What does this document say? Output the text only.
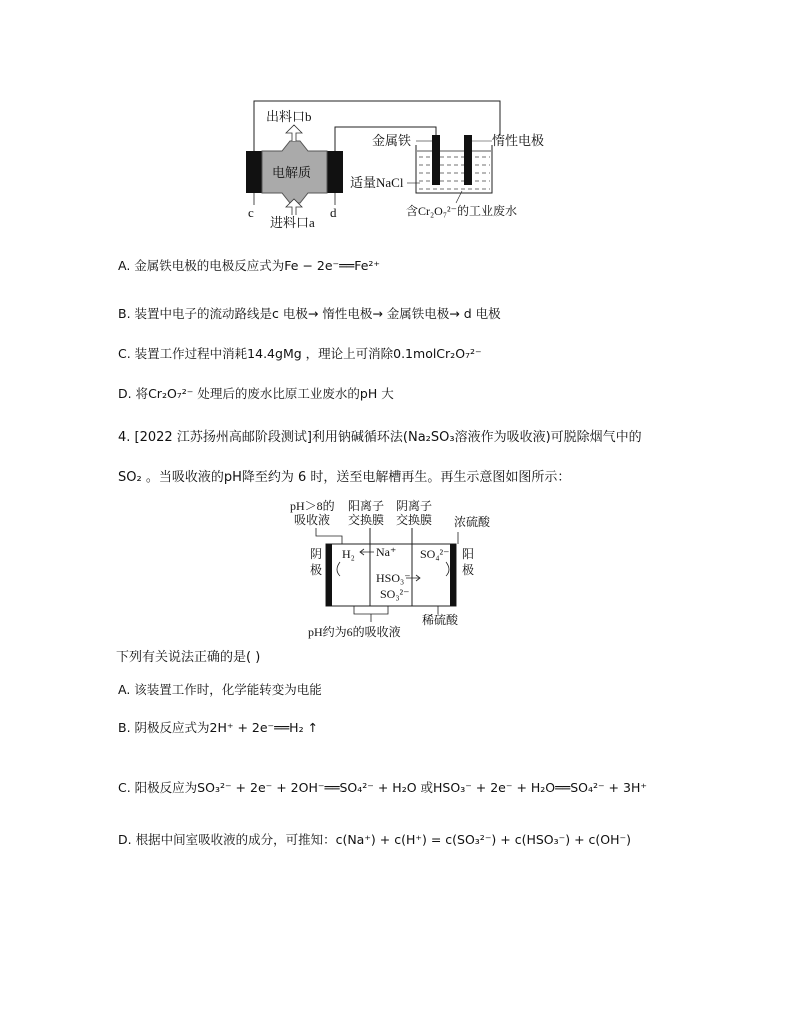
电解质
出料口b
进料口a
c	d
金属铁	惰性电极
适量NaCl
含Cr₂O₇²⁻的工业废水
A. 金属铁电极的电极反应式为Fe − 2e⁻══Fe²⁺
B. 装置中电子的流动路线是c 电极→ 惰性电极→ 金属铁电极→ d 电极
C. 装置工作过程中消耗14.4gMg ，理论上可消除0.1molCr₂O₇²⁻
D. 将Cr₂O₇²⁻ 处理后的废水比原工业废水的pH 大
4. [2022 江苏扬州高邮阶段测试]利用钠碱循环法(Na₂SO₃溶液作为吸收液)可脱除烟气中的
SO₂ 。当吸收液的pH降至约为 6 时，送至电解槽再生。再生示意图如图所示：
pH＞8的
吸收液
阳离子
交换膜
阴离子
交换膜 浓硫酸
阴
极
阳
极
H₂ Na⁺ SO₄²⁻
HSO₃⁻
SO₃²⁻
稀硫酸
pH约为6的吸收液
下列有关说法正确的是( )
A. 该装置工作时，化学能转变为电能
B. 阴极反应式为2H⁺ + 2e⁻══H₂ ↑
C. 阳极反应为SO₃²⁻ + 2e⁻ + 2OH⁻══SO₄²⁻ + H₂O 或HSO₃⁻ + 2e⁻ + H₂O══SO₄²⁻ + 3H⁺
D. 根据中间室吸收液的成分，可推知：c(Na⁺) + c(H⁺) = c(SO₃²⁻) + c(HSO₃⁻) + c(OH⁻)
